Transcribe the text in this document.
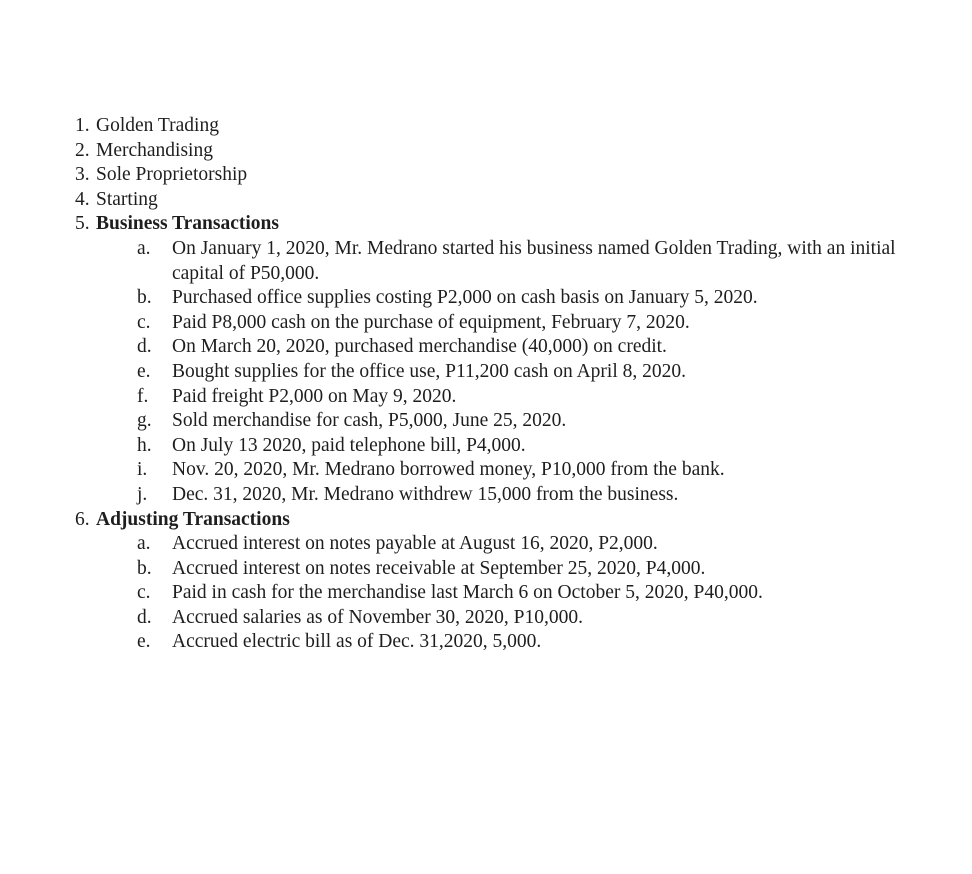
1. Golden Trading
2. Merchandising
3. Sole Proprietorship
4. Starting
5. Business Transactions
a.	On January 1, 2020, Mr. Medrano started his business named Golden Trading, with an initial capital of P50,000.
b.	Purchased office supplies costing P2,000 on cash basis on January 5, 2020.
c.	Paid P8,000 cash on the purchase of equipment, February 7, 2020.
d.	On March 20, 2020, purchased merchandise (40,000) on credit.
e.	Bought supplies for the office use, P11,200 cash on April 8, 2020.
f.	Paid freight P2,000 on May 9, 2020.
g.	Sold merchandise for cash, P5,000, June 25, 2020.
h.	On July 13 2020, paid telephone bill, P4,000.
i.	Nov. 20, 2020, Mr. Medrano borrowed money, P10,000 from the bank.
j.	Dec. 31, 2020, Mr. Medrano withdrew 15,000 from the business.
6. Adjusting Transactions
a.	Accrued interest on notes payable at August 16, 2020, P2,000.
b.	Accrued interest on notes receivable at September 25, 2020, P4,000.
c.	Paid in cash for the merchandise last March 6 on October 5, 2020, P40,000.
d.	Accrued salaries as of November 30, 2020, P10,000.
e.	Accrued electric bill as of Dec. 31,2020, 5,000.
